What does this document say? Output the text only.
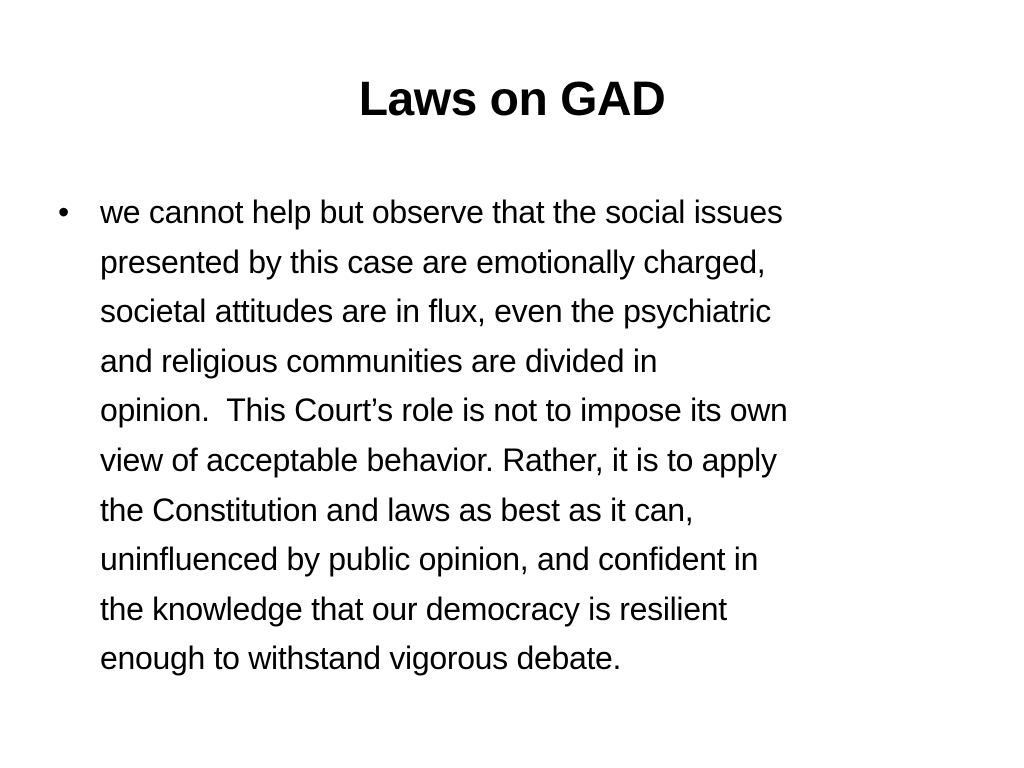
Laws on GAD
• we cannot help but observe that the social issues
presented by this case are emotionally charged,
societal attitudes are in flux, even the psychiatric
and religious communities are divided in
opinion.  This Court’s role is not to impose its own
view of acceptable behavior. Rather, it is to apply
the Constitution and laws as best as it can,
uninfluenced by public opinion, and confident in
the knowledge that our democracy is resilient
enough to withstand vigorous debate.
